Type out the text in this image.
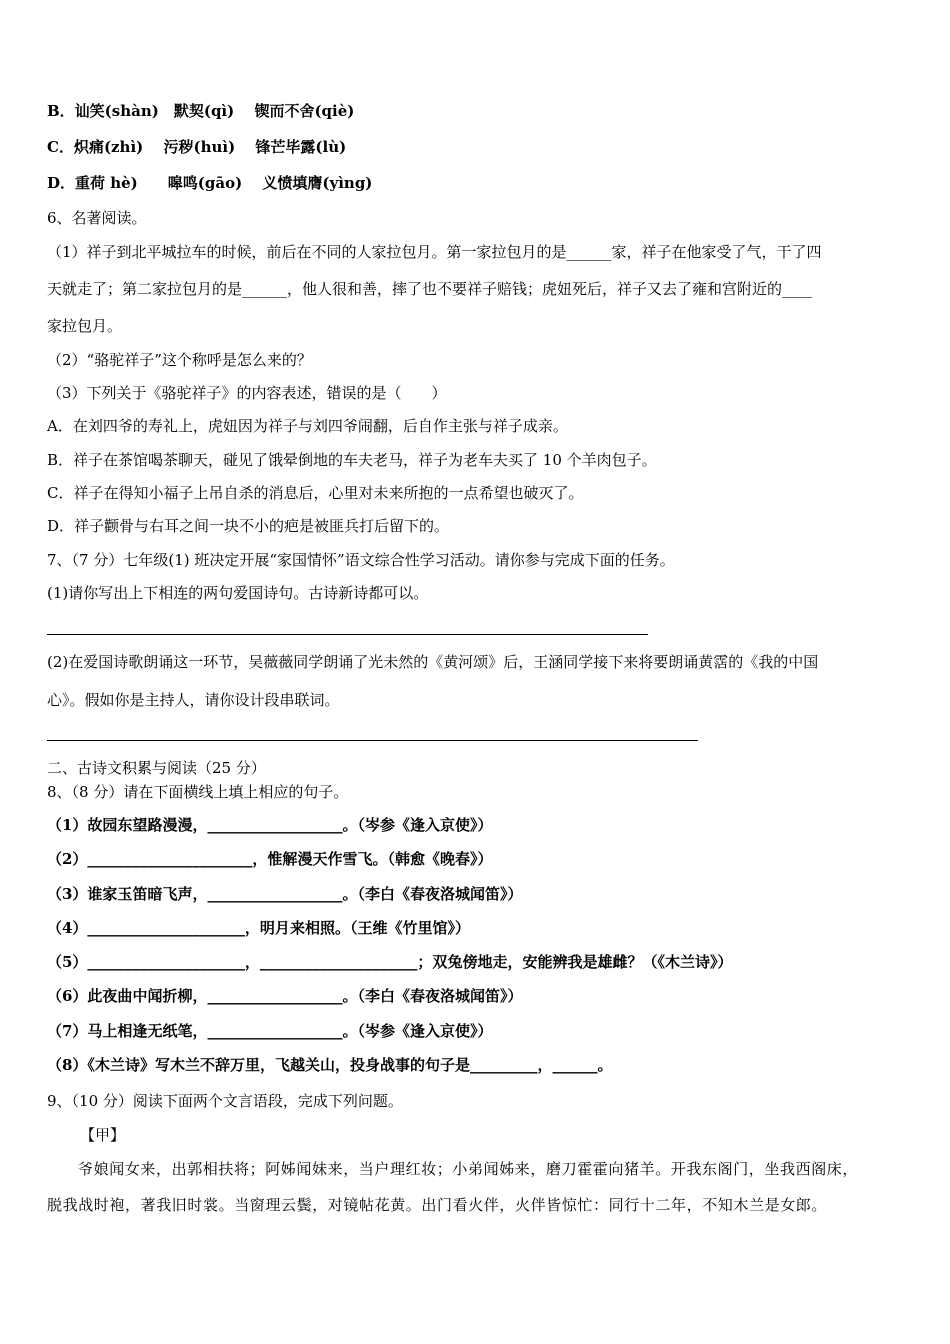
B．讪笑(shàn)　默契(qì)　 锲而不舍(qiè)
C．炽痛(zhì)　 污秽(huì)　 锋芒毕露(lù)
D．重荷 hè)　　嗥鸣(gāo)　 义愤填膺(yìng)
6、名著阅读。
（1）祥子到北平城拉车的时候，前后在不同的人家拉包月。第一家拉包月的是______家，祥子在他家受了气，干了四
天就走了；第二家拉包月的是______，他人很和善，摔了也不要祥子赔钱；虎妞死后，祥子又去了雍和宫附近的____
家拉包月。
（2）“骆驼祥子”这个称呼是怎么来的？
（3）下列关于《骆驼祥子》的内容表述，错误的是（　　）
A．在刘四爷的寿礼上，虎妞因为祥子与刘四爷闹翻，后自作主张与祥子成亲。
B．祥子在茶馆喝茶聊天，碰见了饿晕倒地的车夫老马，祥子为老车夫买了 10 个羊肉包子。
C．祥子在得知小福子上吊自杀的消息后，心里对未来所抱的一点希望也破灭了。
D．祥子颧骨与右耳之间一块不小的疤是被匪兵打后留下的。
7、（7 分）七年级(1) 班决定开展“家国情怀”语文综合性学习活动。请你参与完成下面的任务。
(1)请你写出上下相连的两句爱国诗句。古诗新诗都可以。
(2)在爱国诗歌朗诵这一环节，吴薇薇同学朗诵了光未然的《黄河颂》后，王涵同学接下来将要朗诵黄霑的《我的中国
心》。假如你是主持人，请你设计段串联词。
二、古诗文积累与阅读（25 分）
8、（8 分）请在下面横线上填上相应的句子。
（1）故园东望路漫漫，__________________。（岑参《逢入京使》）
（2）______________________，惟解漫天作雪飞。（韩愈《晚春》）
（3）谁家玉笛暗飞声，__________________。（李白《春夜洛城闻笛》）
（4）_____________________，明月来相照。（王维《竹里馆》）
（5）_____________________，_____________________；双兔傍地走，安能辨我是雄雌？（《木兰诗》）
（6）此夜曲中闻折柳，__________________。（李白《春夜洛城闻笛》）
（7）马上相逢无纸笔，__________________。（岑参《逢入京使》）
（8）《木兰诗》写木兰不辞万里，飞越关山，投身战事的句子是_________，______。
9、（10 分）阅读下面两个文言语段，完成下列问题。
【甲】
爷娘闻女来，出郭相扶将；阿姊闻妹来，当户理红妆；小弟闻姊来，磨刀霍霍向猪羊。开我东阁门，坐我西阁床，
脱我战时袍，著我旧时裳。当窗理云鬓，对镜帖花黄。出门看火伴，火伴皆惊忙：同行十二年，不知木兰是女郎。
